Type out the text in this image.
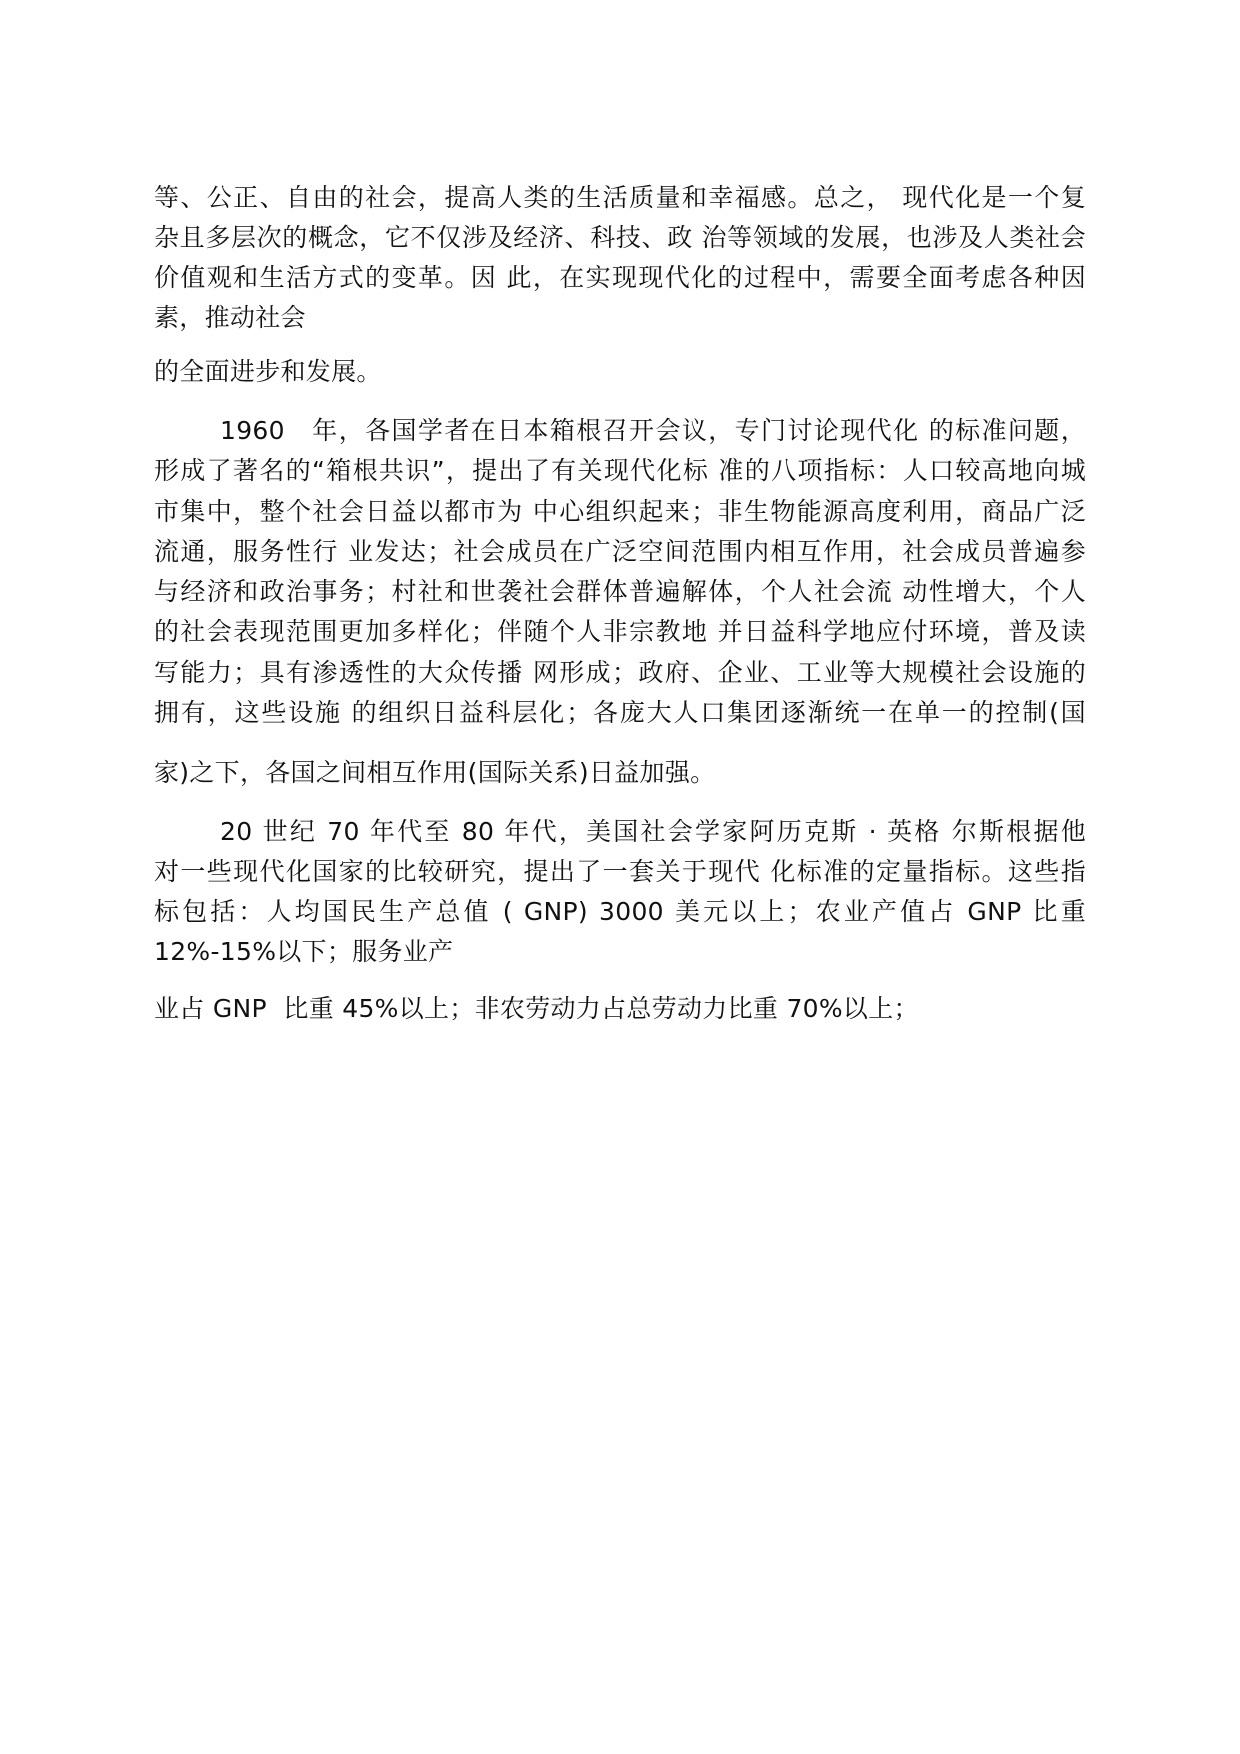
等、公正、自由的社会，提高人类的生活质量和幸福感。总之， 现代化是一个复
杂且多层次的概念，它不仅涉及经济、科技、政 治等领域的发展，也涉及人类社会
价值观和生活方式的变革。因 此，在实现现代化的过程中，需要全面考虑各种因
素，推动社会
的全面进步和发展。
1960　年，各国学者在日本箱根召开会议，专门讨论现代化 的标准问题，
形成了著名的“箱根共识”，提出了有关现代化标 准的八项指标：人口较高地向城
市集中，整个社会日益以都市为 中心组织起来；非生物能源高度利用，商品广泛
流通，服务性行 业发达；社会成员在广泛空间范围内相互作用，社会成员普遍参
与经济和政治事务；村社和世袭社会群体普遍解体，个人社会流 动性增大，个人
的社会表现范围更加多样化；伴随个人非宗教地 并日益科学地应付环境，普及读
写能力；具有渗透性的大众传播 网形成；政府、企业、工业等大规模社会设施的
拥有，这些设施 的组织日益科层化；各庞大人口集团逐渐统一在单一的控制(国
家)之下，各国之间相互作用(国际关系)日益加强。
20 世纪 70 年代至 80 年代，美国社会学家阿历克斯 · 英格 尔斯根据他
对一些现代化国家的比较研究，提出了一套关于现代 化标准的定量指标。这些指
标包括：人均国民生产总值 ( GNP) 3000 美元以上；农业产值占 GNP 比重
12%-15%以下；服务业产
业占 GNP  比重 45%以上；非农劳动力占总劳动力比重 70%以上；
